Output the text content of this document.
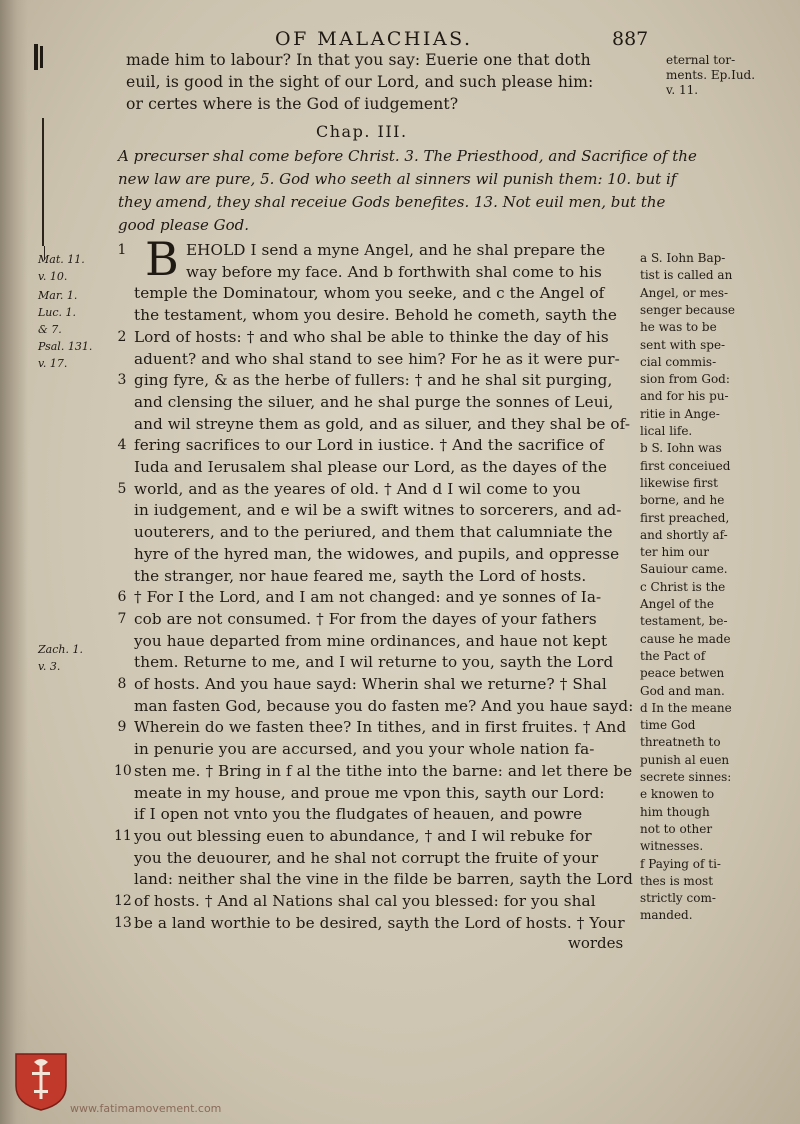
OF MALACHIAS.	887
made him to labour? In that you say: Euerie one that doth
euil, is good in the sight of our Lord, and such please him:
or certes where is the God of iudgement?
eternal tor-
ments. Ep.Iud.
v. 11.
Chap. III.
A precurser shal come before Christ. 3. The Priesthood, and Sacrifice of the
new law are pure, 5. God who seeth al sinners wil punish them: 10. but if
they amend, they shal receiue Gods benefites. 13. Not euil men, but the
good please God.
B EHOLD I send a myne Angel, and he shal prepare the
1
way before my face. And b forthwith shal come to his
temple the Dominatour, whom you seeke, and c the Angel of
the testament, whom you desire. Behold he cometh, sayth the
Lord of hosts: † and who shal be able to thinke the day of his
2
aduent? and who shal stand to see him? For he as it were pur-
ging fyre, & as the herbe of fullers: † and he shal sit purging,
3
and clensing the siluer, and he shal purge the sonnes of Leui,
and wil streyne them as gold, and as siluer, and they shal be of-
fering sacrifices to our Lord in iustice. † And the sacrifice of
4
Iuda and Ierusalem shal please our Lord, as the dayes of the
world, and as the yeares of old. † And d I wil come to you
5
in iudgement, and e wil be a swift witnes to sorcerers, and ad-
uouterers, and to the periured, and them that calumniate the
hyre of the hyred man, the widowes, and pupils, and oppresse
the stranger, nor haue feared me, sayth the Lord of hosts.
† For I the Lord, and I am not changed: and ye sonnes of Ia-
6
cob are not consumed. † For from the dayes of your fathers
7
you haue departed from mine ordinances, and haue not kept
them. Returne to me, and I wil returne to you, sayth the Lord
of hosts. And you haue sayd: Wherin shal we returne? † Shal
8
man fasten God, because you do fasten me? And you haue sayd:
Wherein do we fasten thee? In tithes, and in first fruites. † And
9
in penurie you are accursed, and you your whole nation fa-
sten me. † Bring in f al the tithe into the barne: and let there be
10
meate in my house, and proue me vpon this, sayth our Lord:
if I open not vnto you the fludgates of heauen, and powre
you out blessing euen to abundance, † and I wil rebuke for
11
you the deuourer, and he shal not corrupt the fruite of your
land: neither shal the vine in the filde be barren, sayth the Lord
of hosts. † And al Nations shal cal you blessed: for you shal
12
be a land worthie to be desired, sayth the Lord of hosts. † Your
13
Mat. 11.
v. 10.
Mar. 1.
Luc. 1.
& 7.
Psal. 131.
v. 17.
Zach. 1.
v. 3.
a S. Iohn Bap-
tist is called an
Angel, or mes-
senger because
he was to be
sent with spe-
cial commis-
sion from God:
and for his pu-
ritie in Ange-
lical life.
b S. Iohn was
first conceiued
likewise first
borne, and he
first preached,
and shortly af-
ter him our
Sauiour came.
c Christ is the
Angel of the
testament, be-
cause he made
the Pact of
peace betwen
God and man.
d In the meane
time God
threatneth to
punish al euen
secrete sinnes:
e knowen to
him though
not to other
witnesses.
f Paying of ti-
thes is most
strictly com-
manded.
wordes
www.fatimamovement.com
